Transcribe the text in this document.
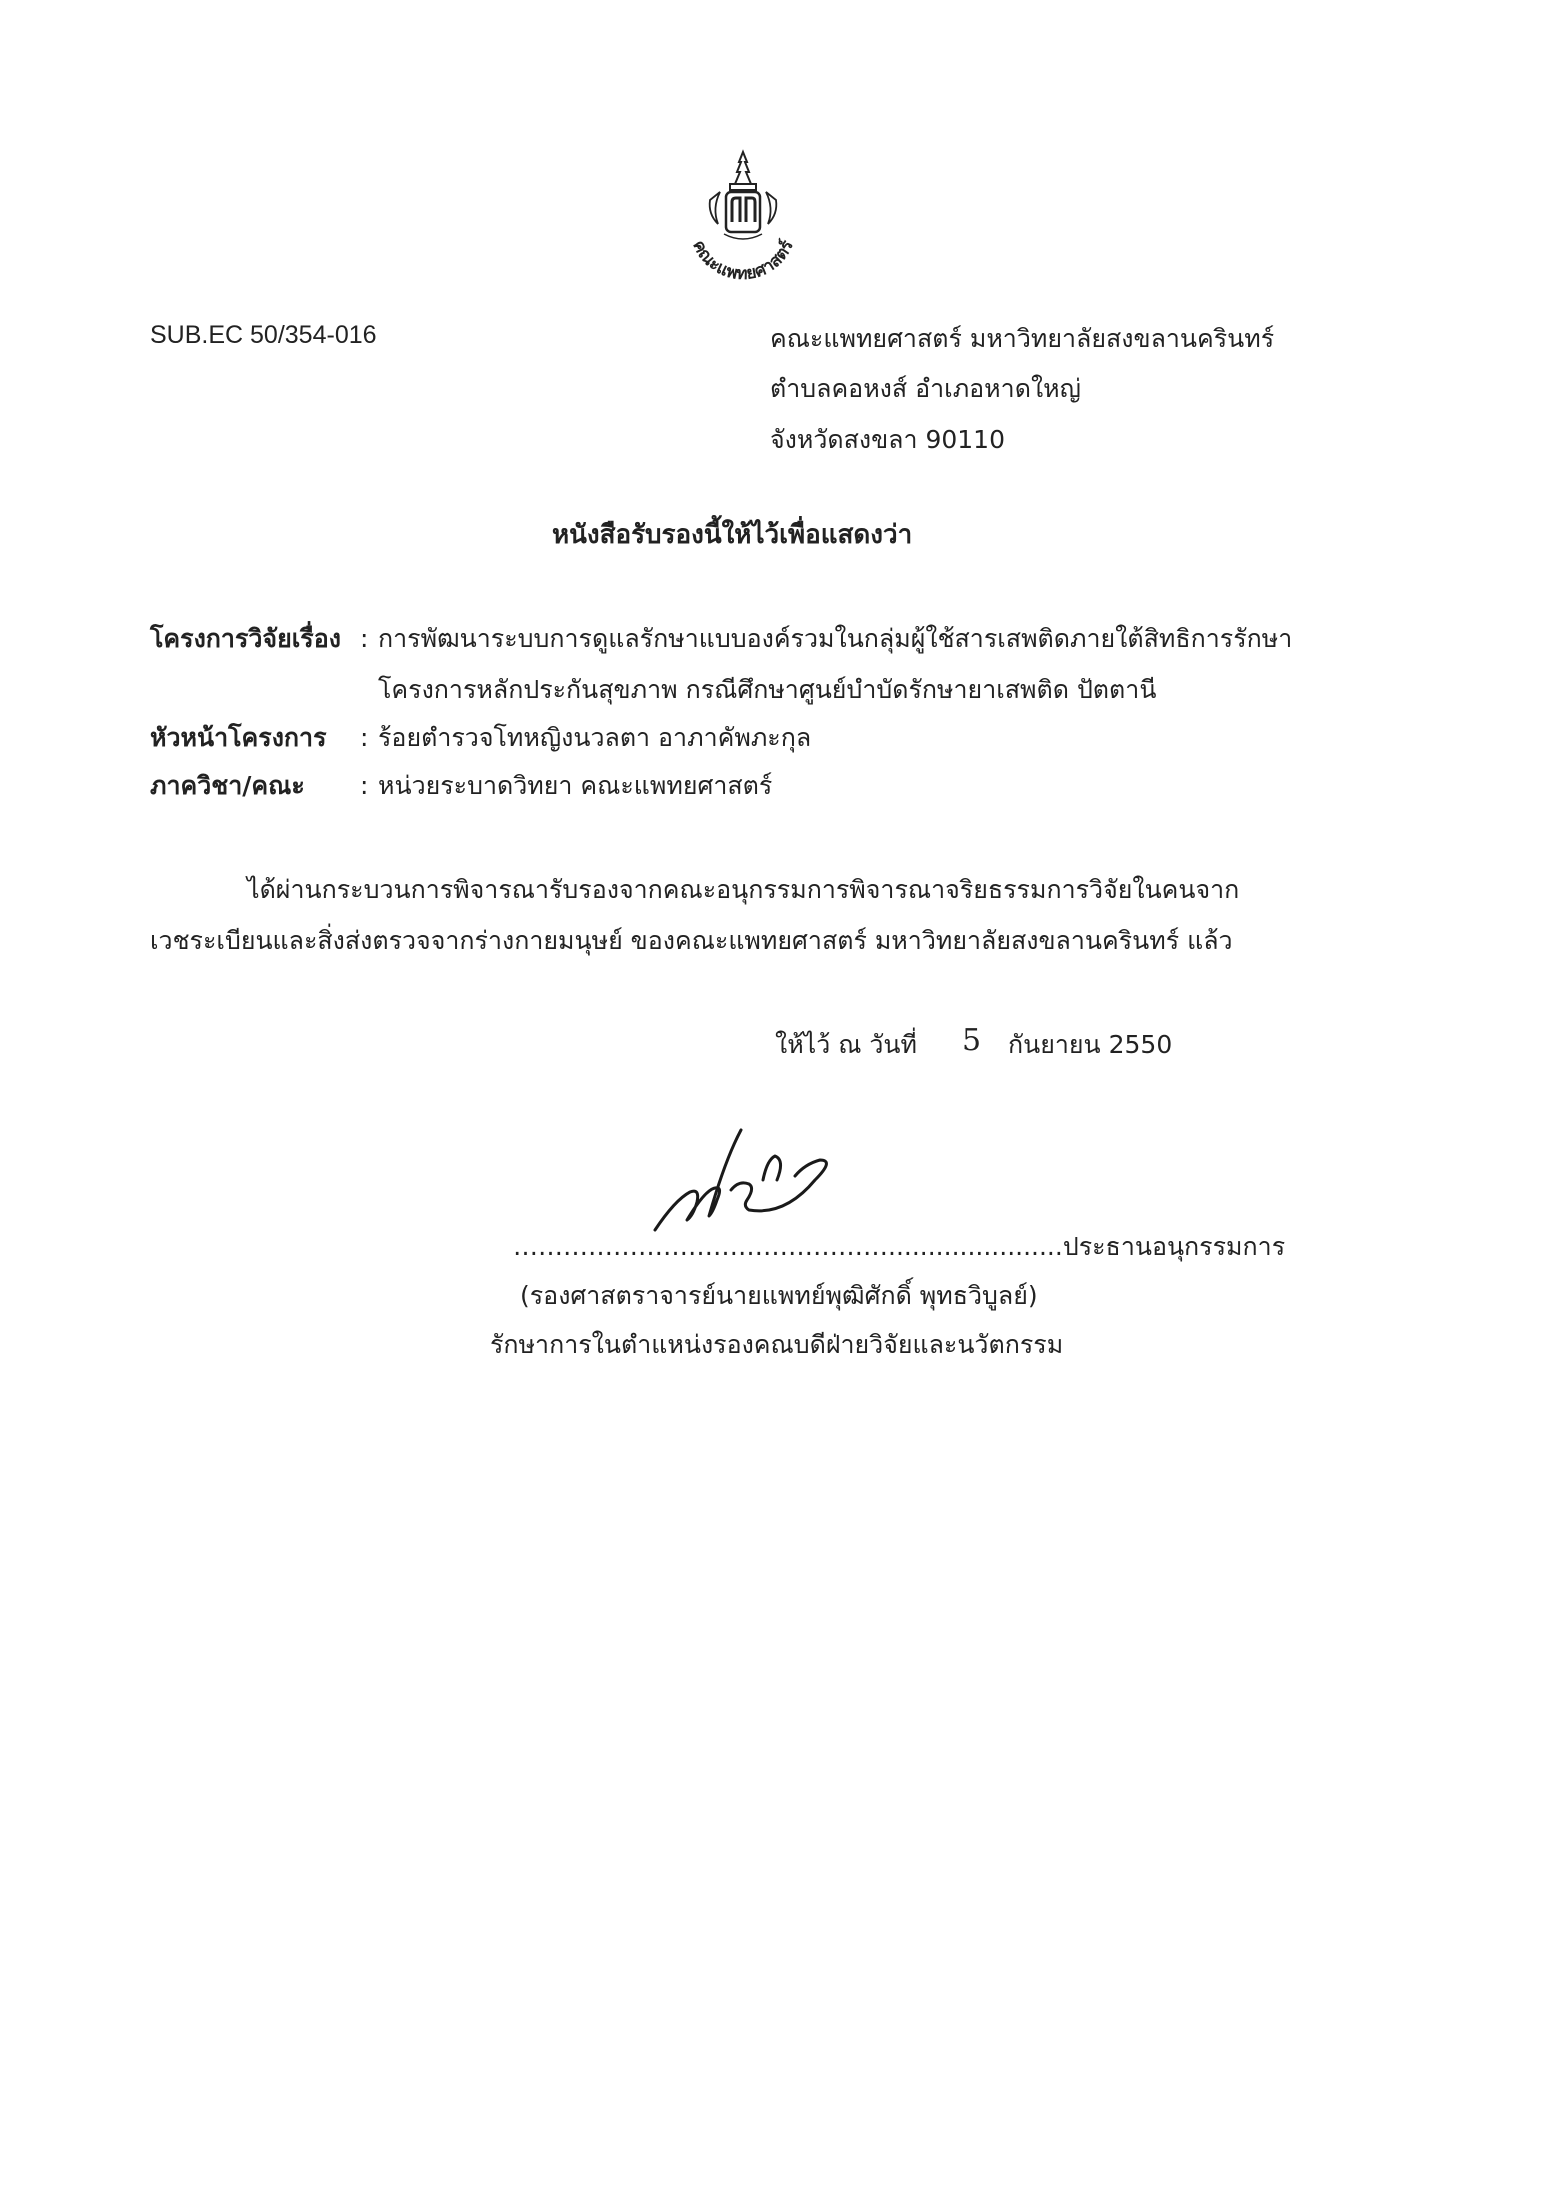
คณะแพทยศาสตร์
SUB.EC 50/354-016	คณะแพทยศาสตร์ มหาวิทยาลัยสงขลานครินทร์
ตำบลคอหงส์ อำเภอหาดใหญ่
จังหวัดสงขลา 90110
หนังสือรับรองนี้ให้ไว้เพื่อแสดงว่า
โครงการวิจัยเรื่อง : การพัฒนาระบบการดูแลรักษาแบบองค์รวมในกลุ่มผู้ใช้สารเสพติดภายใต้สิทธิการรักษา
โครงการหลักประกันสุขภาพ กรณีศึกษาศูนย์บำบัดรักษายาเสพติด ปัตตานี
หัวหน้าโครงการ : ร้อยตำรวจโทหญิงนวลตา อาภาคัพภะกุล
ภาควิชา/คณะ : หน่วยระบาดวิทยา คณะแพทยศาสตร์
ได้ผ่านกระบวนการพิจารณารับรองจากคณะอนุกรรมการพิจารณาจริยธรรมการวิจัยในคนจาก
เวชระเบียนและสิ่งส่งตรวจจากร่างกายมนุษย์ ของคณะแพทยศาสตร์ มหาวิทยาลัยสงขลานครินทร์ แล้ว
ให้ไว้ ณ วันที่ 5 กันยายน 2550
………………………………………......................ประธานอนุกรรมการ
(รองศาสตราจารย์นายแพทย์พุฒิศักดิ์ พุทธวิบูลย์)
รักษาการในตำแหน่งรองคณบดีฝ่ายวิจัยและนวัตกรรม
